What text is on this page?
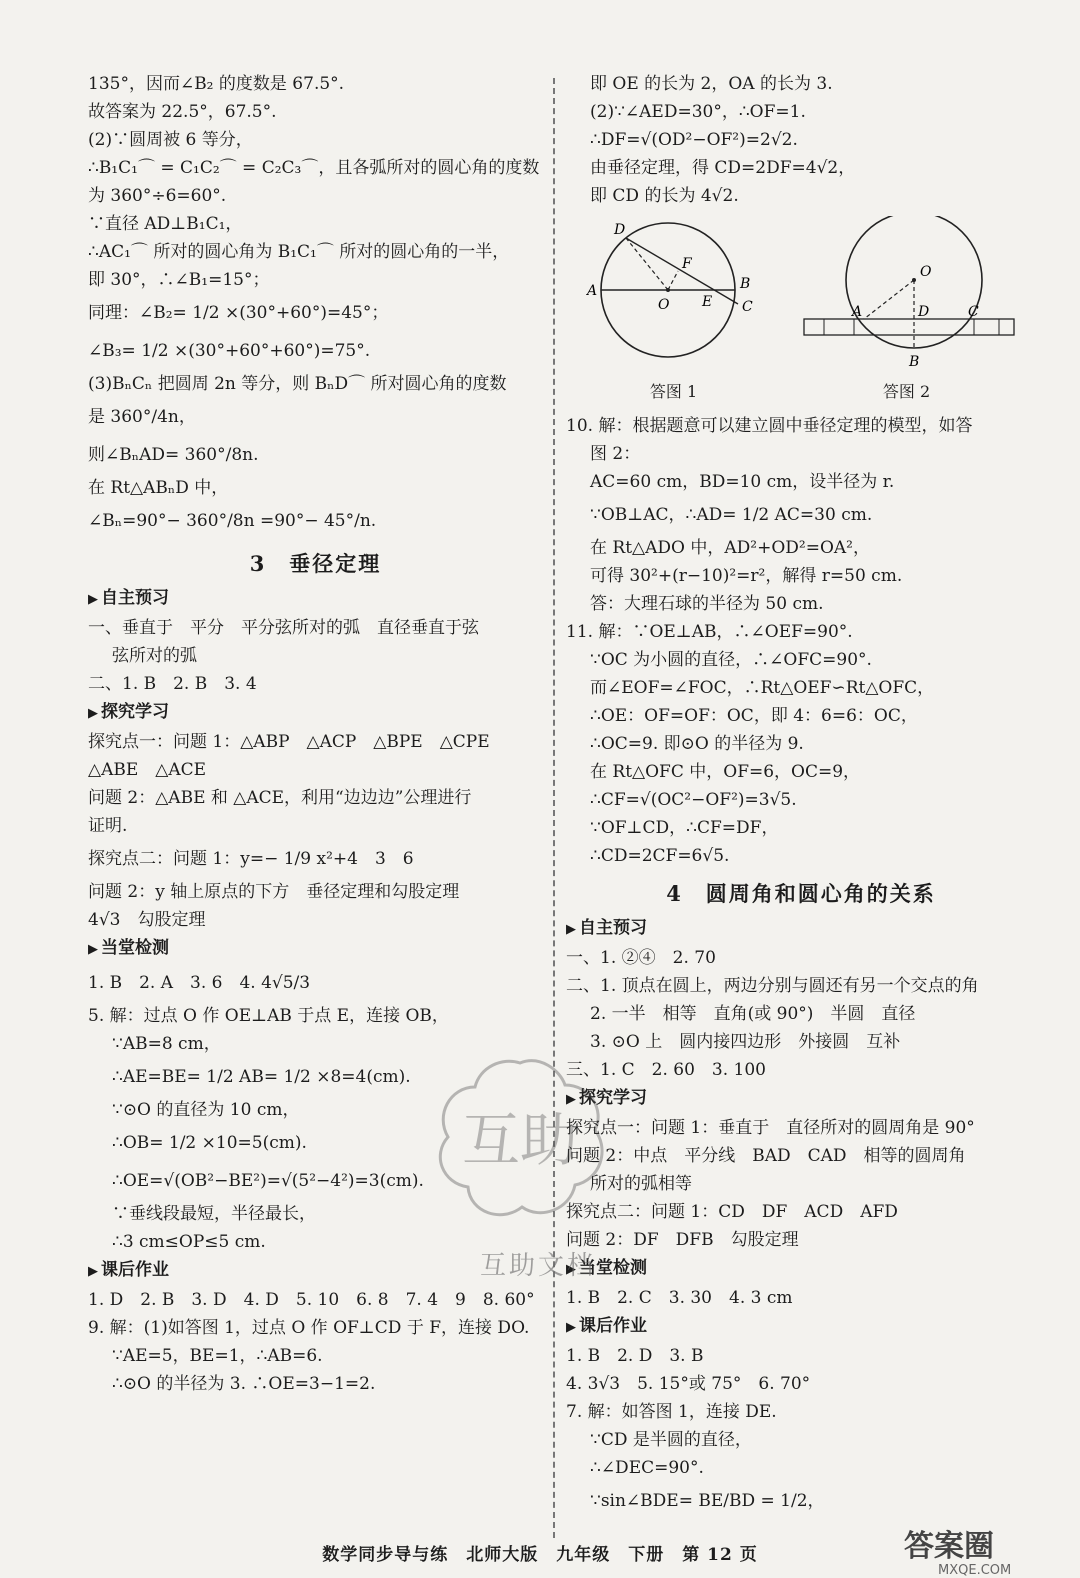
135°，因而∠B₂ 的度数是 67.5°.
故答案为 22.5°，67.5°.
(2)∵圆周被 6 等分，
∴B₁C₁⌒ = C₁C₂⌒ = C₂C₃⌒，且各弧所对的圆心角的度数
为 360°÷6=60°.
∵直径 AD⊥B₁C₁，
∴AC₁⌒ 所对的圆心角为 B₁C₁⌒ 所对的圆心角的一半，
即 30°，∴∠B₁=15°；
同理：∠B₂= 1/2 ×(30°+60°)=45°；
∠B₃= 1/2 ×(30°+60°+60°)=75°.
(3)BₙCₙ 把圆周 2n 等分，则 BₙD⌒ 所对圆心角的度数
是 360°/4n，
则∠BₙAD= 360°/8n.
在 Rt△ABₙD 中，
∠Bₙ=90°− 360°/8n =90°− 45°/n.
3　垂径定理
▶ 自主预习
一、垂直于　平分　平分弦所对的弧　直径垂直于弦
弦所对的弧
二、1. B　2. B　3. 4
▶ 探究学习
探究点一：问题 1：△ABP　△ACP　△BPE　△CPE
△ABE　△ACE
问题 2：△ABE 和 △ACE，利用“边边边”公理进行
证明.
探究点二：问题 1：y=− 1/9 x²+4　3　6
问题 2：y 轴上原点的下方　垂径定理和勾股定理
4√3　勾股定理
▶ 当堂检测
1. B　2. A　3. 6　4. 4√5/3
5. 解：过点 O 作 OE⊥AB 于点 E，连接 OB，
∵AB=8 cm，
∴AE=BE= 1/2 AB= 1/2 ×8=4(cm).
∵⊙O 的直径为 10 cm，
∴OB= 1/2 ×10=5(cm).
∴OE=√(OB²−BE²)=√(5²−4²)=3(cm).
∵垂线段最短，半径最长，
∴3 cm≤OP≤5 cm.
▶ 课后作业
1. D　2. B　3. D　4. D　5. 10　6. 8　7. 4　9　8. 60°
9. 解：(1)如答图 1，过点 O 作 OF⊥CD 于 F，连接 DO.
∵AE=5，BE=1，∴AB=6.
∴⊙O 的半径为 3. ∴OE=3−1=2.
即 OE 的长为 2，OA 的长为 3.
(2)∵∠AED=30°，∴OF=1.
∴DF=√(OD²−OF²)=2√2.
由垂径定理，得 CD=2DF=4√2，
即 CD 的长为 4√2.
D
F
A
O E
B
C
答图 1
O
A	D	C
B
答图 2
10. 解：根据题意可以建立圆中垂径定理的模型，如答
图 2：
AC=60 cm，BD=10 cm，设半径为 r.
∵OB⊥AC，∴AD= 1/2 AC=30 cm.
在 Rt△ADO 中，AD²+OD²=OA²，
可得 30²+(r−10)²=r²，解得 r=50 cm.
答：大理石球的半径为 50 cm.
11. 解：∵OE⊥AB，∴∠OEF=90°.
∵OC 为小圆的直径，∴∠OFC=90°.
而∠EOF=∠FOC，∴Rt△OEF∽Rt△OFC，
∴OE：OF=OF：OC，即 4：6=6：OC，
∴OC=9. 即⊙O 的半径为 9.
在 Rt△OFC 中，OF=6，OC=9，
∴CF=√(OC²−OF²)=3√5.
∵OF⊥CD，∴CF=DF，
∴CD=2CF=6√5.
4　圆周角和圆心角的关系
▶ 自主预习
一、1. ②④　2. 70
二、1. 顶点在圆上，两边分别与圆还有另一个交点的角
2. 一半　相等　直角(或 90°)　半圆　直径
3. ⊙O 上　圆内接四边形　外接圆　互补
三、1. C　2. 60　3. 100
▶ 探究学习
探究点一：问题 1：垂直于　直径所对的圆周角是 90°
问题 2：中点　平分线　BAD　CAD　相等的圆周角
所对的弧相等
探究点二：问题 1：CD　DF　ACD　AFD
问题 2：DF　DFB　勾股定理
▶ 当堂检测
1. B　2. C　3. 30　4. 3 cm
▶ 课后作业
1. B　2. D　3. B
4. 3√3　5. 15°或 75°　6. 70°
7. 解：如答图 1，连接 DE.
∵CD 是半圆的直径，
∴∠DEC=90°.
∵sin∠BDE= BE/BD = 1/2，
互助
互助文档
数学同步导与练　北师大版　九年级　下册　第 12 页	答案圈
MXQE.COM
